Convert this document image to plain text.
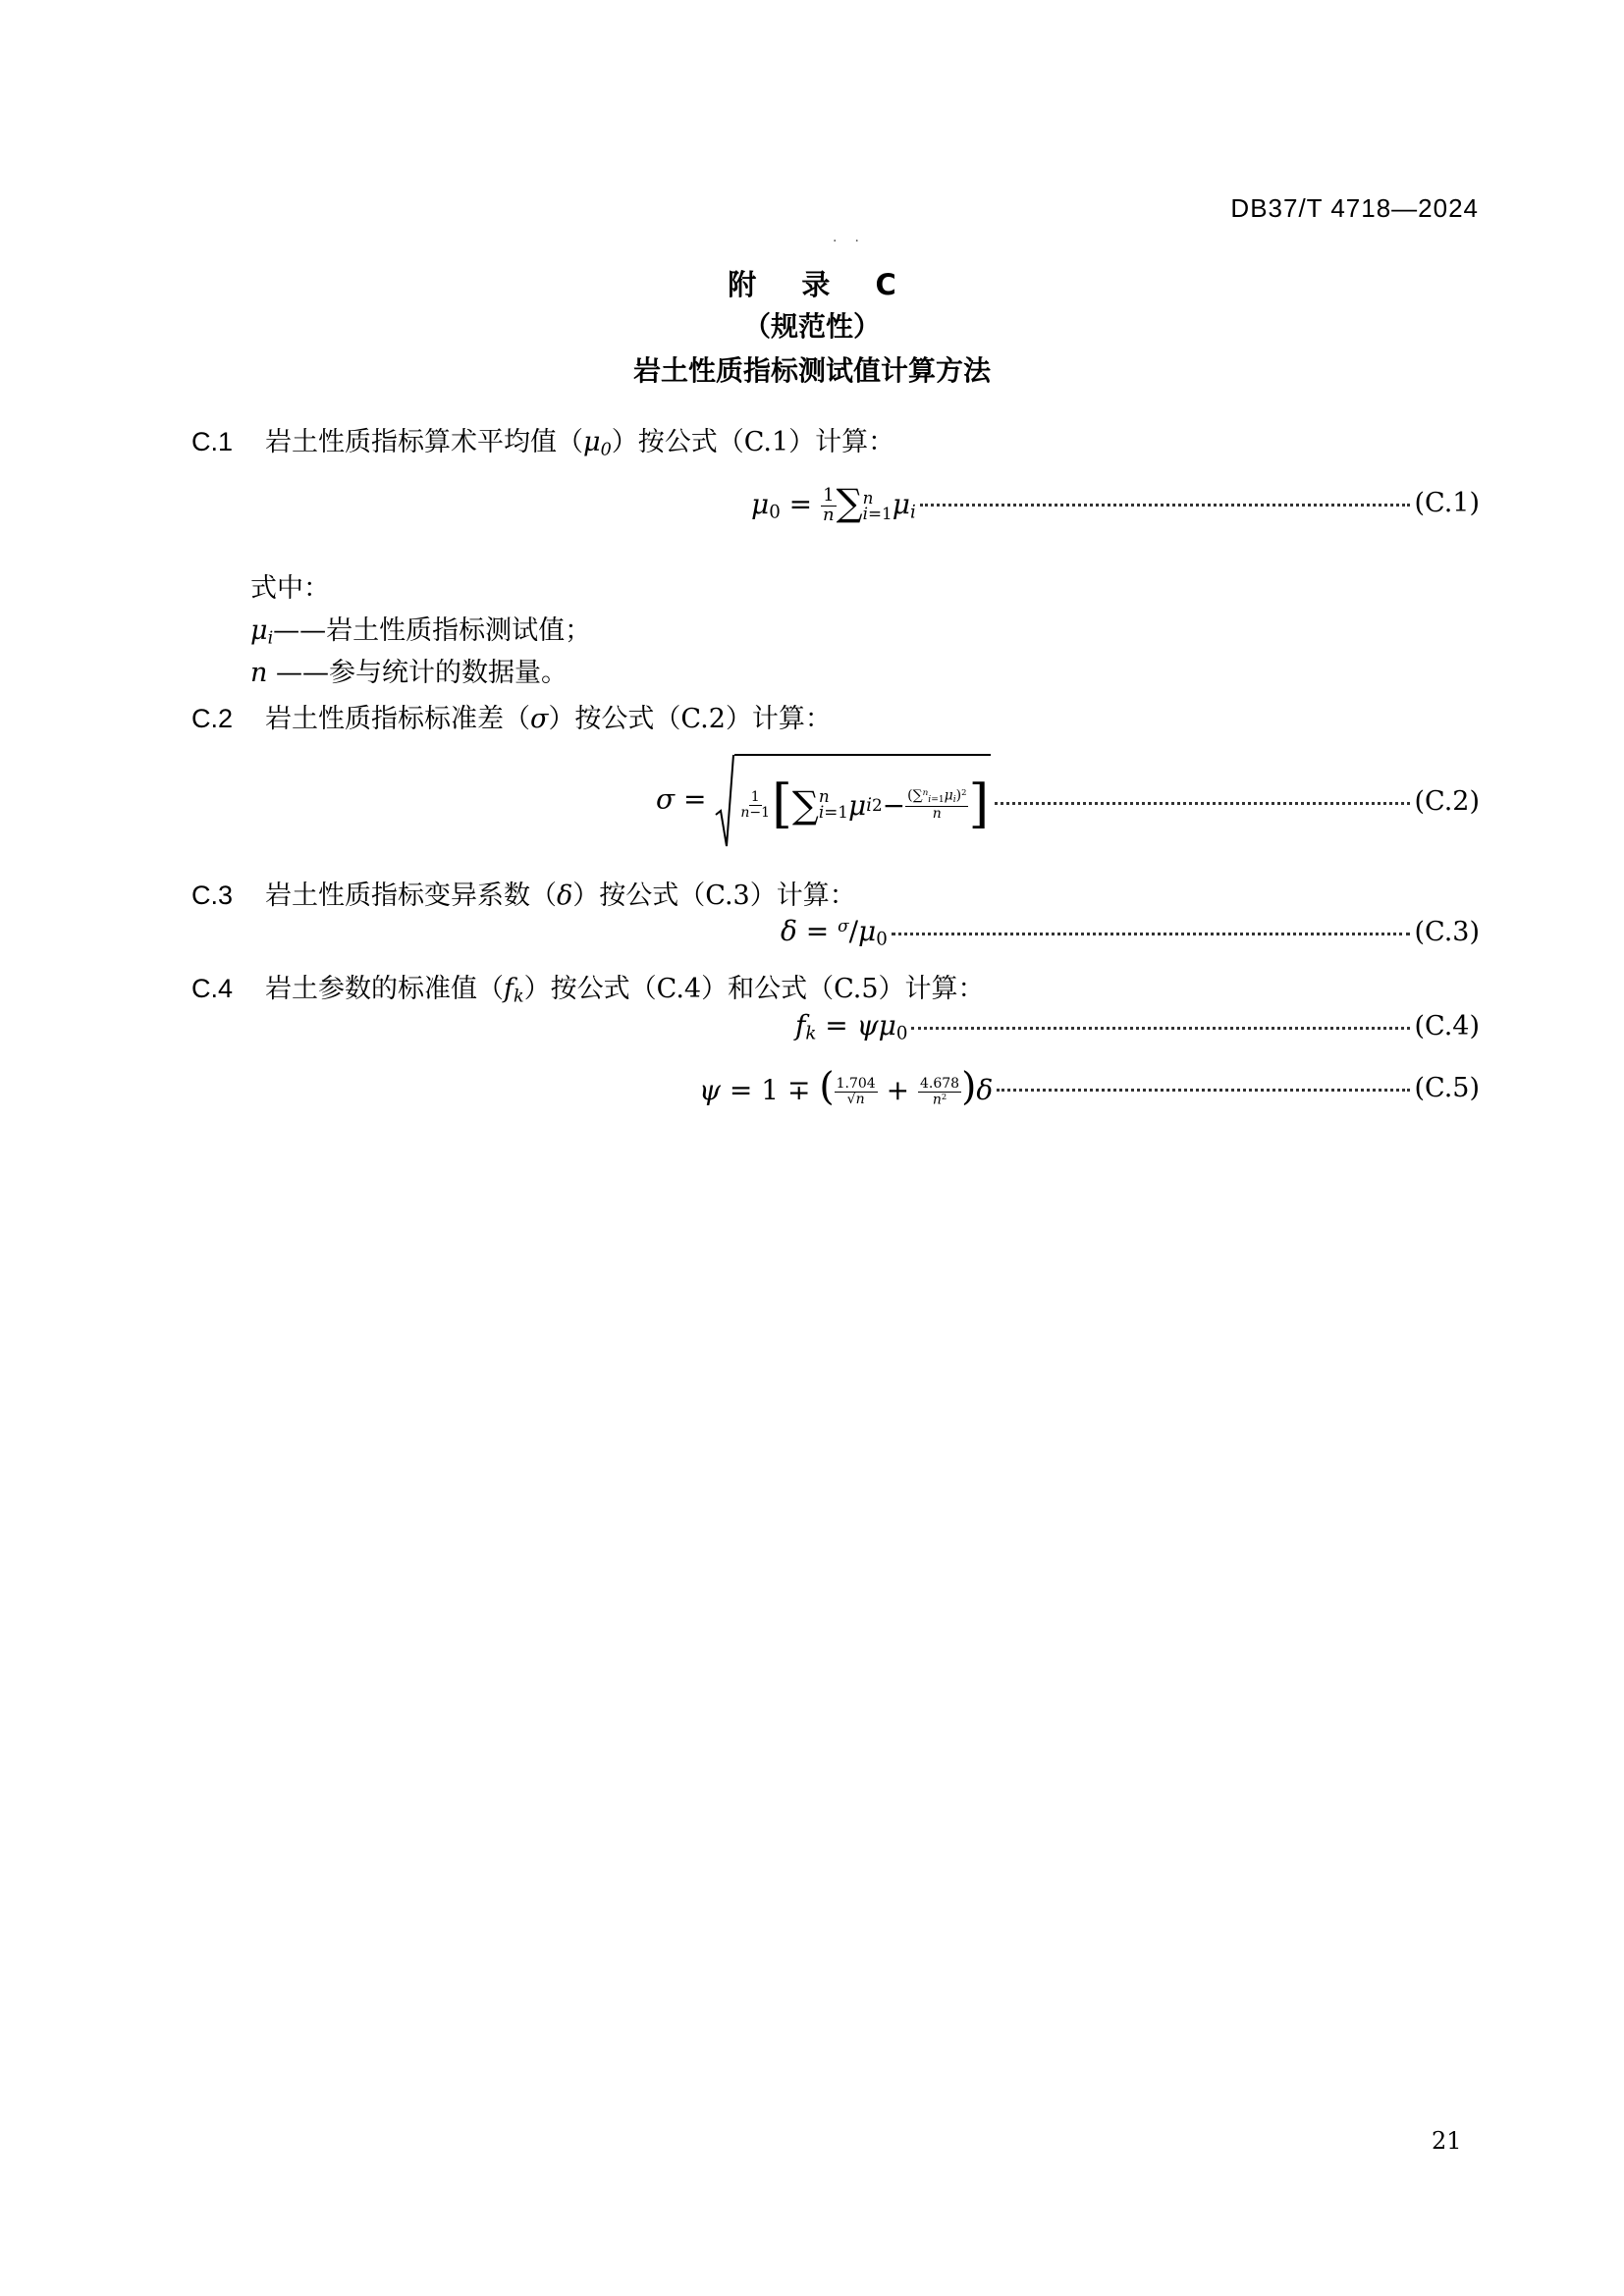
DB37/T 4718—2024
··
附 录 C
（规范性）
岩土性质指标测试值计算方法
C.1 岩土性质指标算术平均值$(\mu_0)$按公式（C.1）计算：
$\mu_0 = \frac{1}{n}$ ∑ n
i=1 $\mu_i$	(C.1)
式中：
$\mu_i——$岩土性质指标测试值；
n ——参与统计的数据量。
C.2 岩土性质指标标准差（σ）按公式（C.2）计算：
$\sigma = \frac{1}{n-1}$ [ ∑ n
i=1 μ i $2 - \frac{(\sum^n_{i=1}\mu_i)^2}{n}$ ]	(C.2)
C.3 岩土性质指标变异系数（δ）按公式（C.3）计算：
$\delta = ^\sigma/\mu_0$	(C.3)
C.4 岩土参数的标准值$(f_k)$按公式（C.4）和公式（C.5）计算：
$f_k = \psi\mu_0$	(C.4)
ψ = 1 ∓ ( $\frac{1.704}{√n} + \frac{4.678}{n^2} )\delta$	(C.5)
21
